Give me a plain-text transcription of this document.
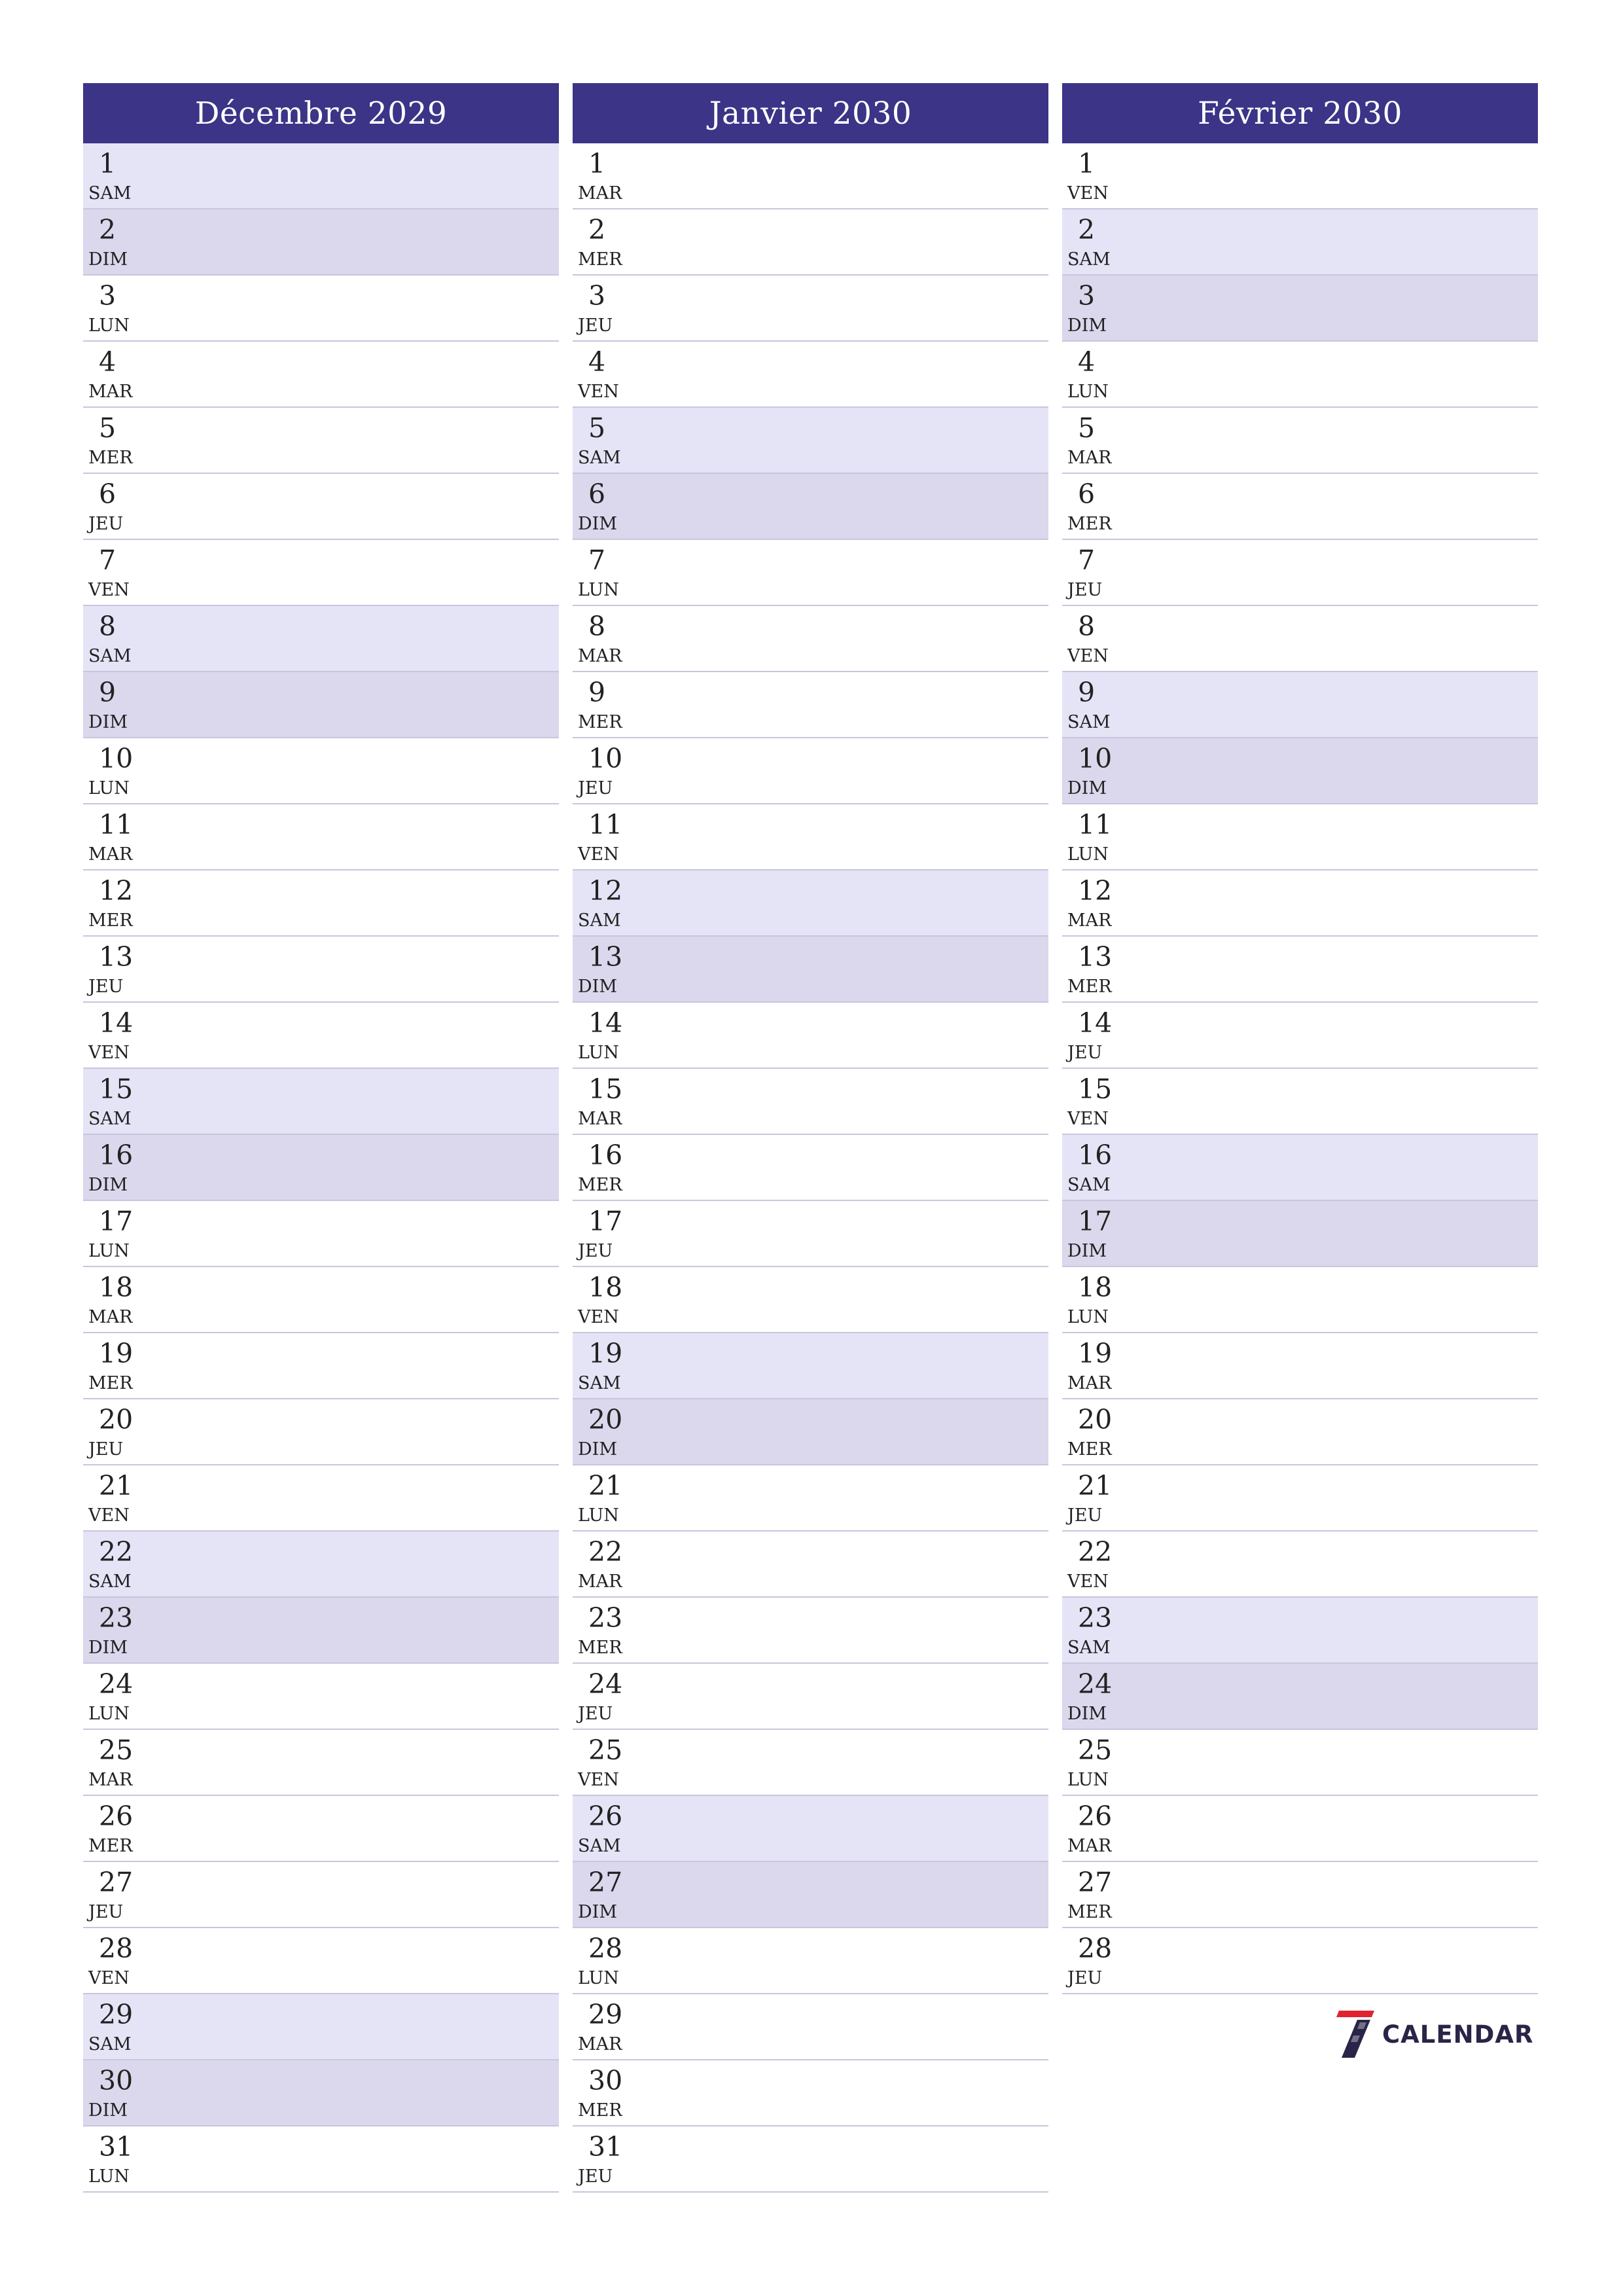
Décembre 2029
1
SAM
2
DIM
3
LUN
4
MAR
5
MER
6
JEU
7
VEN
8
SAM
9
DIM
10
LUN
11
MAR
12
MER
13
JEU
14
VEN
15
SAM
16
DIM
17
LUN
18
MAR
19
MER
20
JEU
21
VEN
22
SAM
23
DIM
24
LUN
25
MAR
26
MER
27
JEU
28
VEN
29
SAM
30
DIM
31
LUN
Janvier 2030
1
MAR
2
MER
3
JEU
4
VEN
5
SAM
6
DIM
7
LUN
8
MAR
9
MER
10
JEU
11
VEN
12
SAM
13
DIM
14
LUN
15
MAR
16
MER
17
JEU
18
VEN
19
SAM
20
DIM
21
LUN
22
MAR
23
MER
24
JEU
25
VEN
26
SAM
27
DIM
28
LUN
29
MAR
30
MER
31
JEU
Février 2030
1
VEN
2
SAM
3
DIM
4
LUN
5
MAR
6
MER
7
JEU
8
VEN
9
SAM
10
DIM
11
LUN
12
MAR
13
MER
14
JEU
15
VEN
16
SAM
17
DIM
18
LUN
19
MAR
20
MER
21
JEU
22
VEN
23
SAM
24
DIM
25
LUN
26
MAR
27
MER
28
JEU
CALENDAR
